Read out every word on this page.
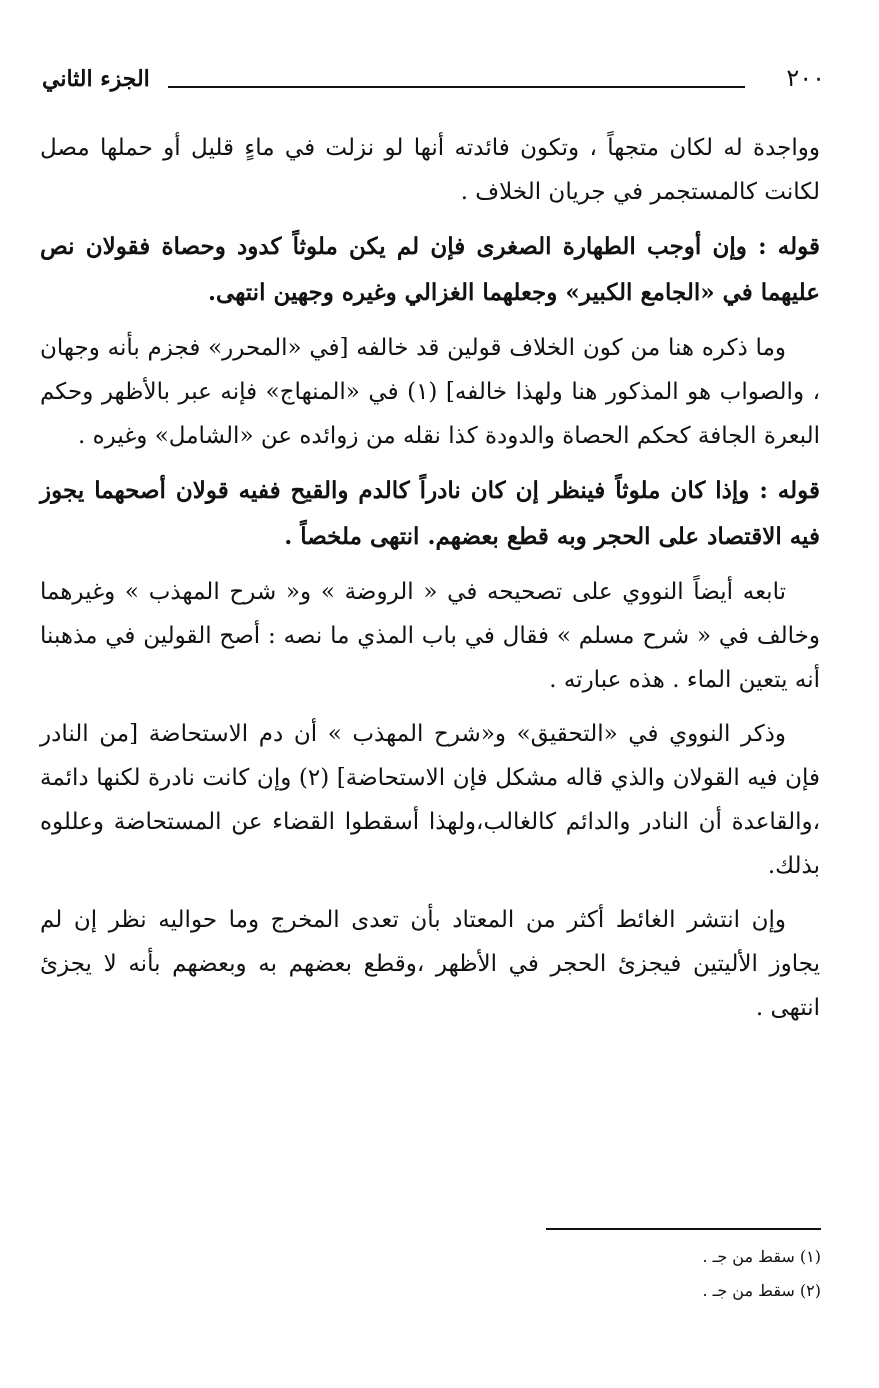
الجزء الثاني	٢٠٠

وواجدة له لكان متجهاً ، وتكون فائدته أنها لو نزلت في ماءٍ قليل أو حملها مصل لكانت كالمستجمر في جريان الخلاف .

قوله : وإن أوجب الطهارة الصغرى فإن لم يكن ملوثاً كدود وحصاة فقولان نص عليهما في «الجامع الكبير» وجعلهما الغزالي وغيره وجهين انتهى.

وما ذكره هنا من كون الخلاف قولين قد خالفه [في «المحرر» فجزم بأنه وجهان ، والصواب هو المذكور هنا ولهذا خالفه] (١) في «المنهاج» فإنه عبر بالأظهر وحكم البعرة الجافة كحكم الحصاة والدودة كذا نقله من زوائده عن «الشامل» وغيره .

قوله : وإذا كان ملوثاً فينظر إن كان نادراً كالدم والقيح ففيه قولان أصحهما يجوز فيه الاقتصاد على الحجر وبه قطع بعضهم. انتهى ملخصاً .

تابعه أيضاً النووي على تصحيحه في « الروضة » و« شرح المهذب » وغيرهما وخالف في « شرح مسلم » فقال في باب المذي ما نصه : أصح القولين في مذهبنا أنه يتعين الماء . هذه عبارته .

وذكر النووي في «التحقيق» و«شرح المهذب » أن دم الاستحاضة [من النادر فإن فيه القولان والذي قاله مشكل فإن الاستحاضة] (٢) وإن كانت نادرة لكنها دائمة ،والقاعدة أن النادر والدائم كالغالب،ولهذا أسقطوا القضاء عن المستحاضة وعللوه بذلك.

وإن انتشر الغائط أكثر من المعتاد بأن تعدى المخرج وما حواليه نظر إن لم يجاوز الأليتين فيجزئ الحجر في الأظهر ،وقطع بعضهم به وبعضهم بأنه لا يجزئ انتهى .

(١) سقط من جـ .
(٢) سقط من جـ .
